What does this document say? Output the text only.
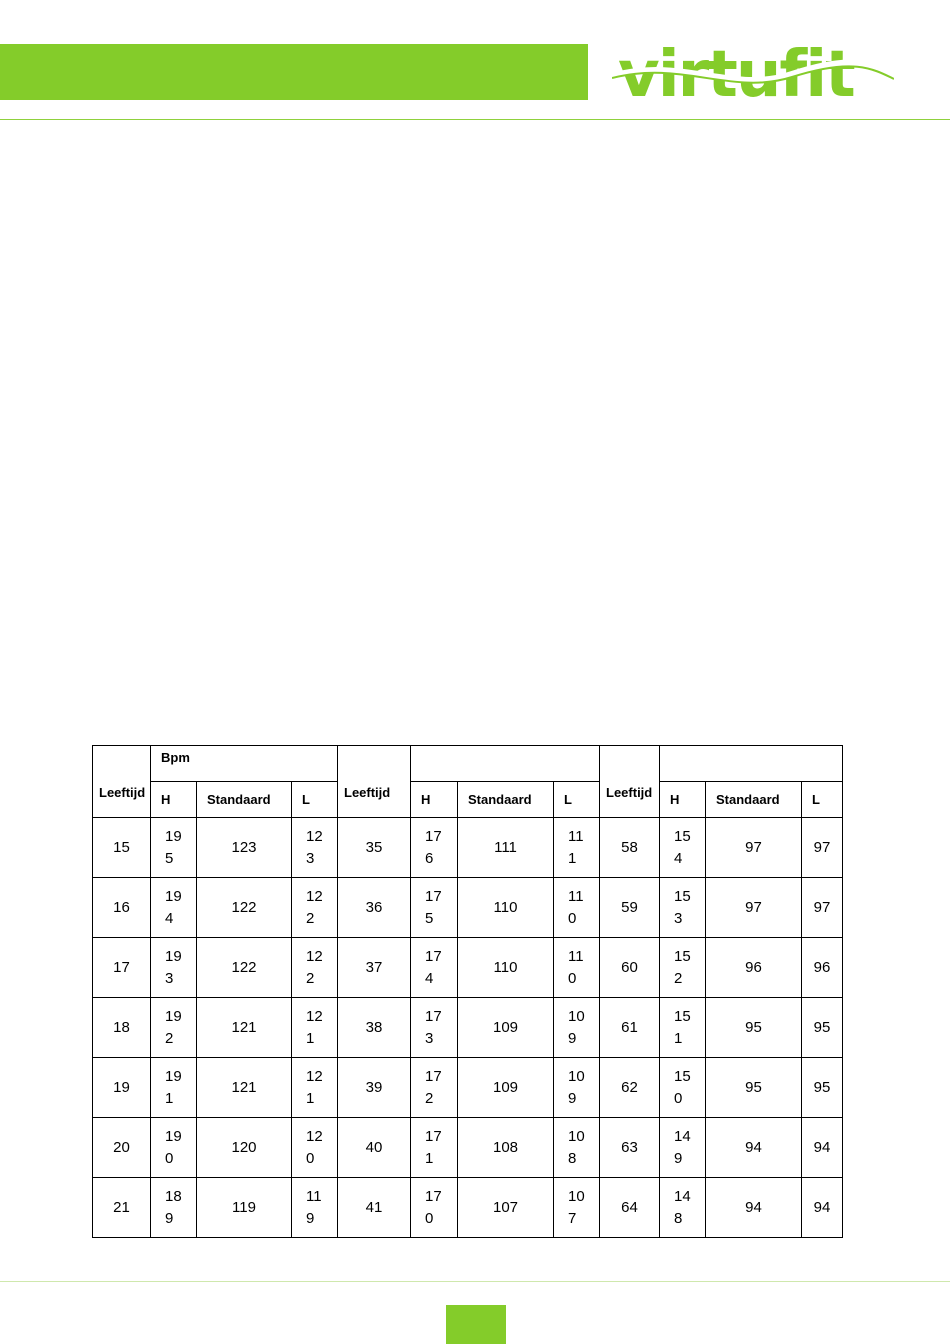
virtufit
Leeftijd	Bpm			Leeftijd				Leeftijd			
	H	Standaard	L		H	Standaard	L		H	Standaard	L
15	195	123	123	35	176	111	111	58	154	97	97
16	194	122	122	36	175	110	110	59	153	97	97
17	193	122	122	37	174	110	110	60	152	96	96
18	192	121	121	38	173	109	109	61	151	95	95
19	191	121	121	39	172	109	109	62	150	95	95
20	190	120	120	40	171	108	108	63	149	94	94
21	189	119	119	41	170	107	107	64	148	94	94
